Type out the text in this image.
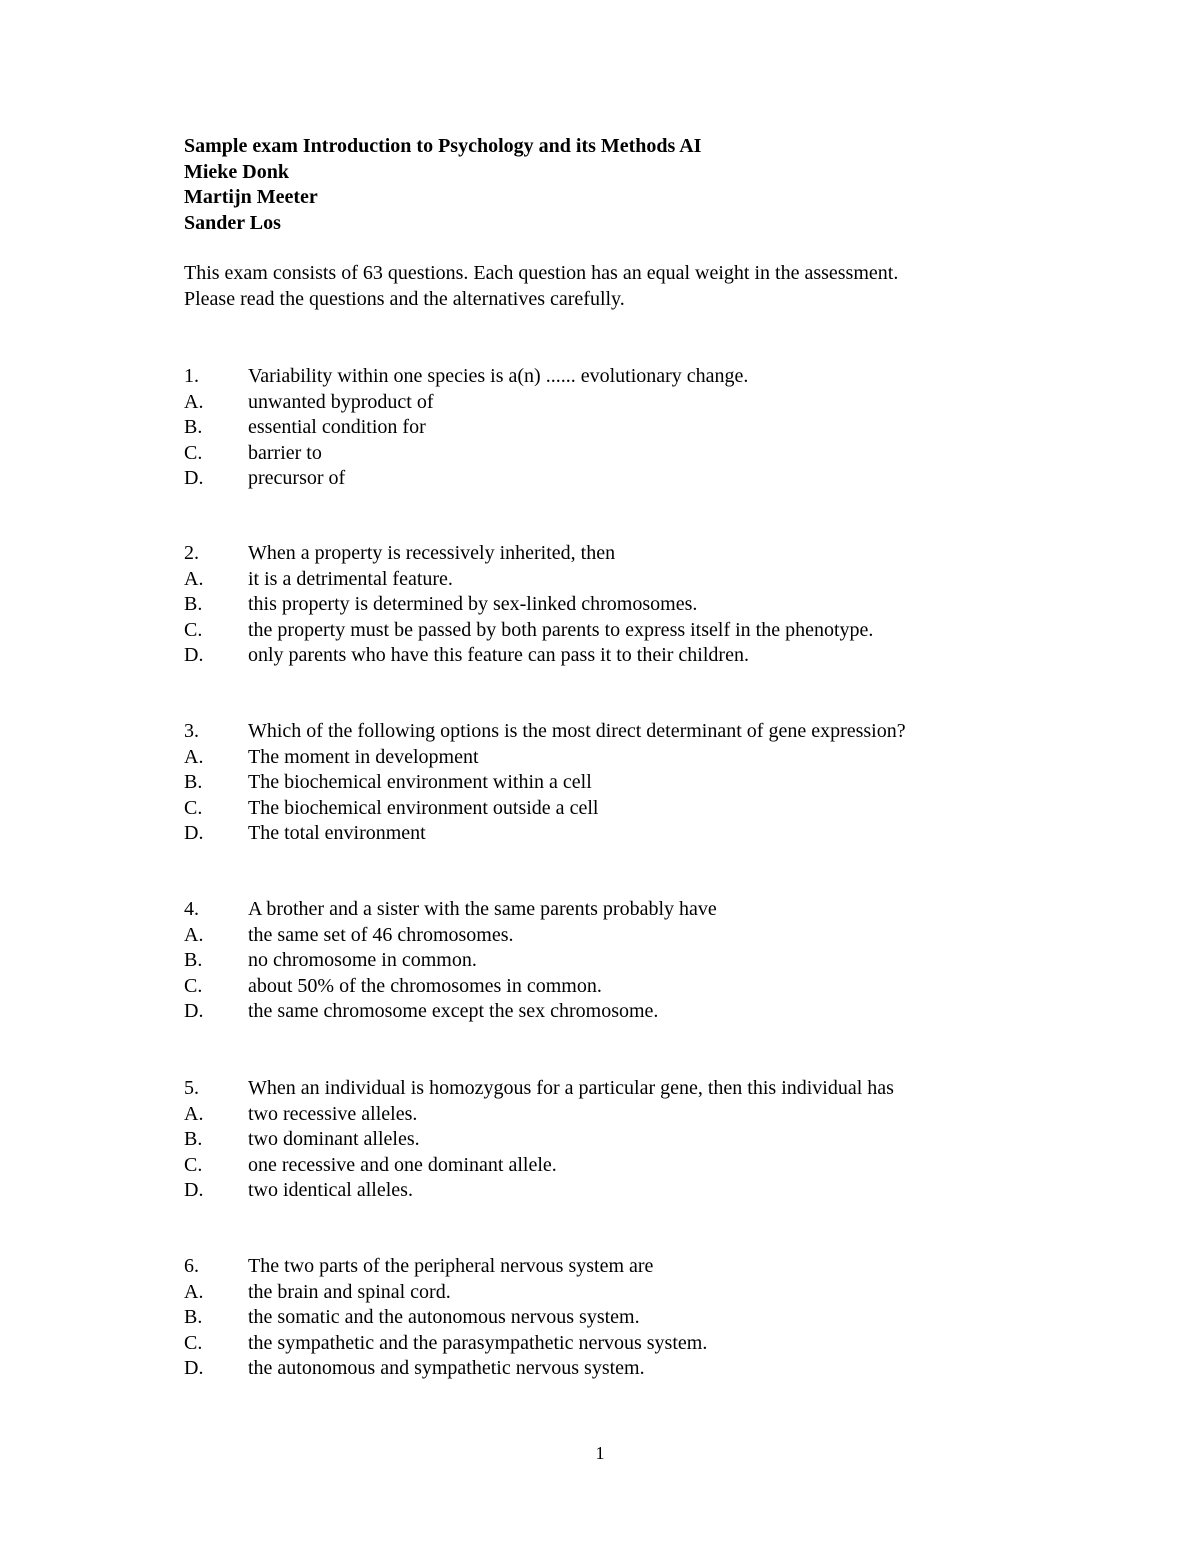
Sample exam Introduction to Psychology and its Methods AI
Mieke Donk
Martijn Meeter
Sander Los
This exam consists of 63 questions. Each question has an equal weight in the assessment.
Please read the questions and the alternatives carefully.
1.	Variability within one species is a(n) ...... evolutionary change.
A.	unwanted byproduct of
B.	essential condition for
C.	barrier to
D.	precursor of
2.	When a property is recessively inherited, then
A.	it is a detrimental feature.
B.	this property is determined by sex-linked chromosomes.
C.	the property must be passed by both parents to express itself in the phenotype.
D.	only parents who have this feature can pass it to their children.
3.	Which of the following options is the most direct determinant of gene expression?
A.	The moment in development
B.	The biochemical environment within a cell
C.	The biochemical environment outside a cell
D.	The total environment
4.	A brother and a sister with the same parents probably have
A.	the same set of 46 chromosomes.
B.	no chromosome in common.
C.	about 50% of the chromosomes in common.
D.	the same chromosome except the sex chromosome.
5.	When an individual is homozygous for a particular gene, then this individual has
A.	two recessive alleles.
B.	two dominant alleles.
C.	one recessive and one dominant allele.
D.	two identical alleles.
6.	The two parts of the peripheral nervous system are
A.	the brain and spinal cord.
B.	the somatic and the autonomous nervous system.
C.	the sympathetic and the parasympathetic nervous system.
D.	the autonomous and sympathetic nervous system.
1
